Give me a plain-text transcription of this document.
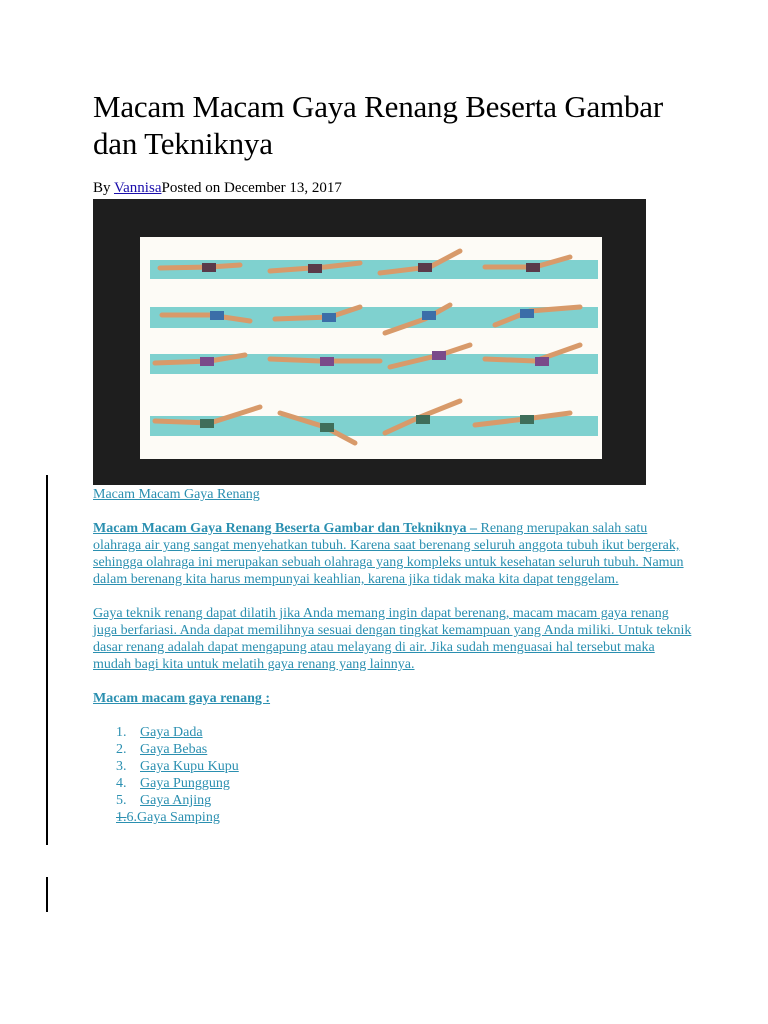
Macam Macam Gaya Renang Beserta Gambar dan Tekniknya
By VannisaPosted on December 13, 2017
Macam Macam Gaya Renang

Macam Macam Gaya Renang Beserta Gambar dan Tekniknya – Renang merupakan salah satu olahraga air yang sangat menyehatkan tubuh. Karena saat berenang seluruh anggota tubuh ikut bergerak, sehingga olahraga ini merupakan sebuah olahraga yang kompleks untuk kesehatan seluruh tubuh. Namun dalam berenang kita harus mempunyai keahlian, karena jika tidak maka kita dapat tenggelam.

Gaya teknik renang dapat dilatih jika Anda memang ingin dapat berenang, macam macam gaya renang juga berfariasi. Anda dapat memilihnya sesuai dengan tingkat kemampuan yang Anda miliki. Untuk teknik dasar renang adalah dapat mengapung atau melayang di air. Jika sudah menguasai hal tersebut maka mudah bagi kita untuk melatih gaya renang yang lainnya.

Macam macam gaya renang :

1. Gaya Dada
2. Gaya Bebas
3. Gaya Kupu Kupu
4. Gaya Punggung
5. Gaya Anjing
1.6.Gaya Samping
